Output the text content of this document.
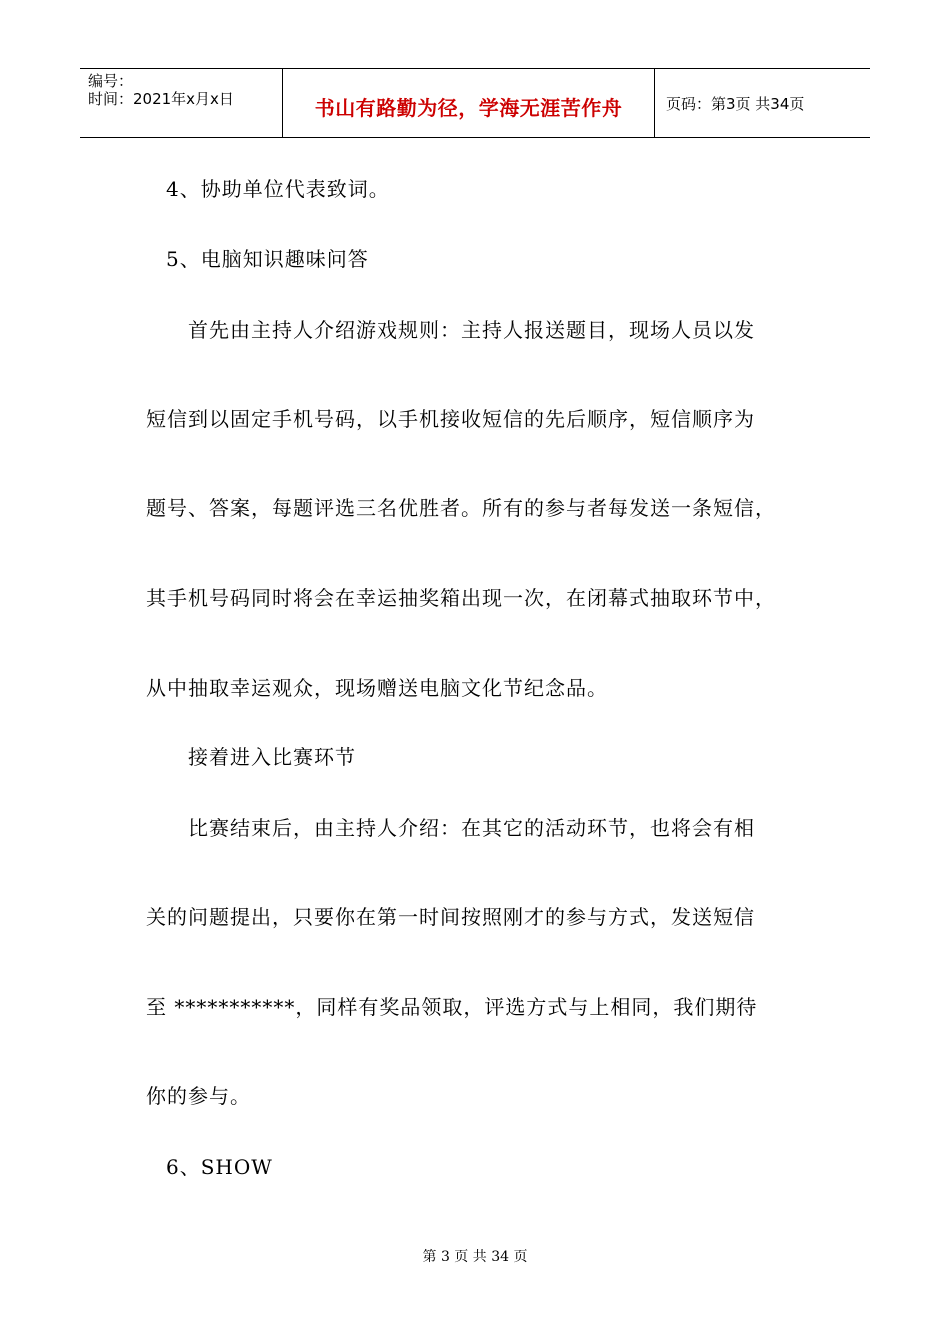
编号：
时间：2021年x月x日	书山有路勤为径，学海无涯苦作舟	页码：第3页 共34页
4、协助单位代表致词。
5、电脑知识趣味问答
首先由主持人介绍游戏规则：主持人报送题目，现场人员以发
短信到以固定手机号码，以手机接收短信的先后顺序，短信顺序为
题号、答案，每题评选三名优胜者。所有的参与者每发送一条短信，
其手机号码同时将会在幸运抽奖箱出现一次，在闭幕式抽取环节中，
从中抽取幸运观众，现场赠送电脑文化节纪念品。
接着进入比赛环节
比赛结束后，由主持人介绍：在其它的活动环节，也将会有相
关的问题提出，只要你在第一时间按照刚才的参与方式，发送短信
至 ***********，同样有奖品领取，评选方式与上相同，我们期待
你的参与。
6、SHOW
第 3 页 共 34 页
